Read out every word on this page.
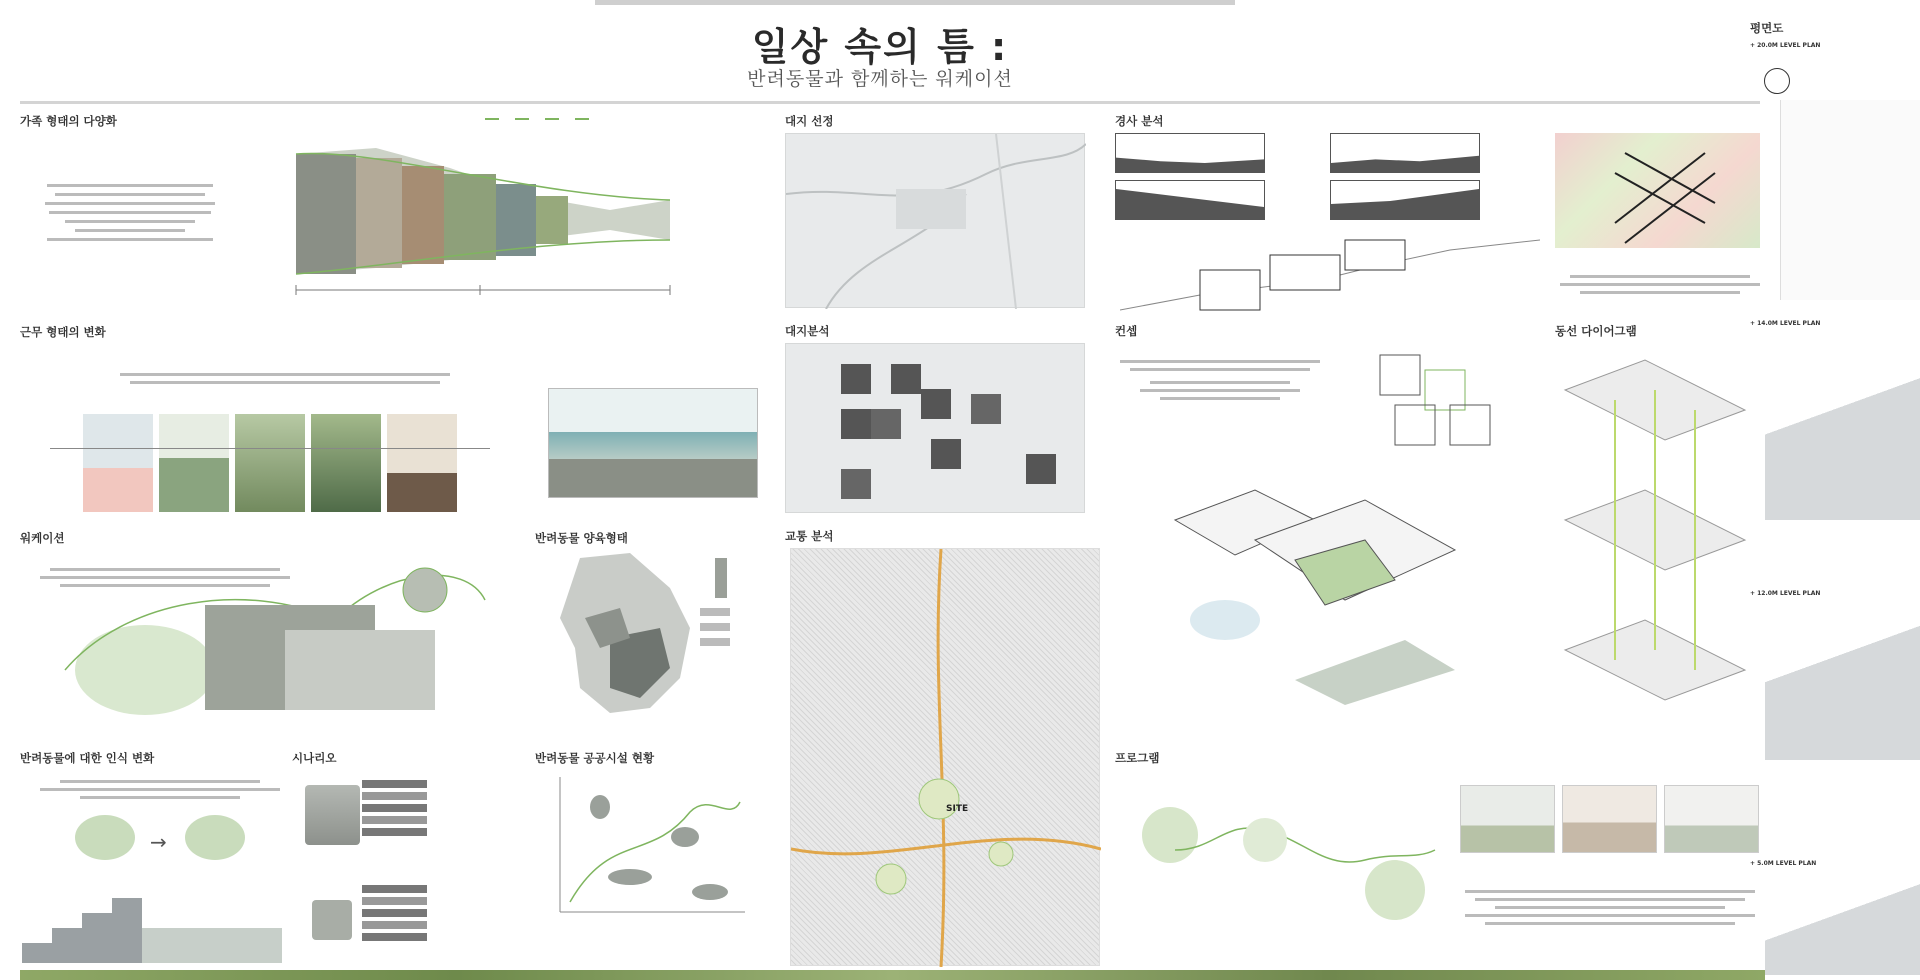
일상 속의 틈 :
반려동물과 함께하는 워케이션
가족 형태의 다양화
근무 형태의 변화
워케이션	반려동물 양육형태
반려동물에 대한 인식 변화
→
시나리오	반려동물 공공시설 현황
대지 선정
대지분석
교통 분석
SITE
경사 분석
컨셉	동선 다이어그램
프로그램
평면도
+ 20.0M LEVEL PLAN
+ 14.0M LEVEL PLAN
+ 12.0M LEVEL PLAN
+ 5.0M LEVEL PLAN
